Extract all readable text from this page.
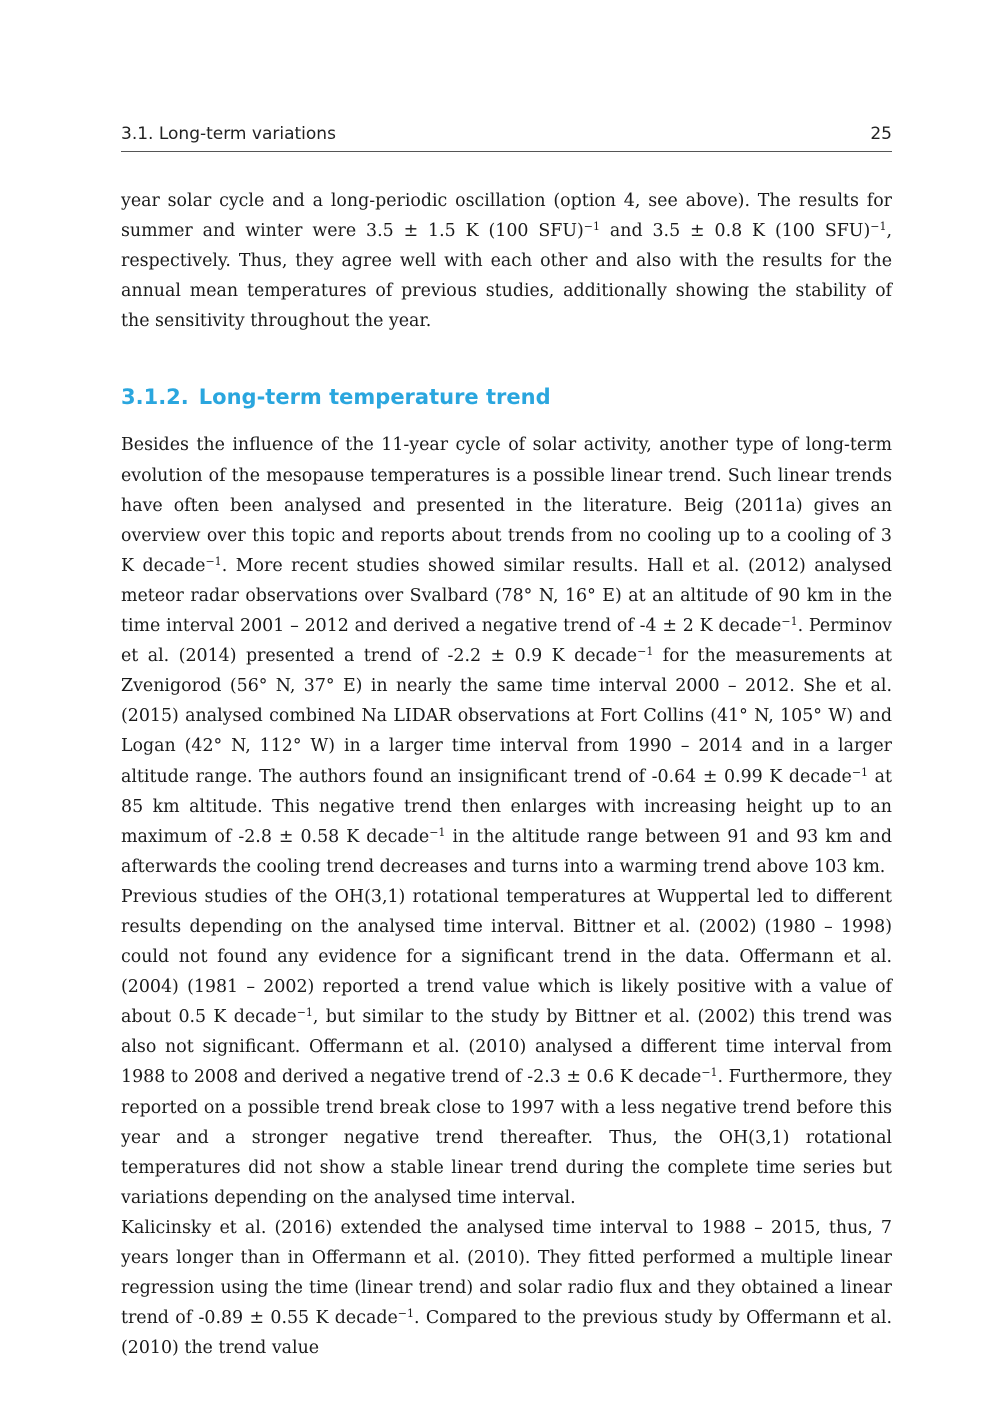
3.1. Long-term variations	25

year solar cycle and a long-periodic oscillation (option 4, see above). The results for summer and winter were 3.5 ± 1.5 K (100 SFU)$^{-1}$ and 3.5 ± 0.8 K (100 SFU)$^{-1}$, respectively. Thus, they agree well with each other and also with the results for the annual mean temperatures of previous studies, additionally showing the stability of the sensitivity throughout the year.

3.1.2. Long-term temperature trend

Besides the influence of the 11-year cycle of solar activity, another type of long-term evolution of the mesopause temperatures is a possible linear trend. Such linear trends have often been analysed and presented in the literature. Beig (2011a) gives an overview over this topic and reports about trends from no cooling up to a cooling of 3 K decade$^{-1}$. More recent studies showed similar results. Hall et al. (2012) analysed meteor radar observations over Svalbard (78° N, 16° E) at an altitude of 90 km in the time interval 2001 – 2012 and derived a negative trend of -4 ± 2 K decade$^{-1}$. Perminov et al. (2014) presented a trend of -2.2 ± 0.9 K decade$^{-1}$ for the measurements at Zvenigorod (56° N, 37° E) in nearly the same time interval 2000 – 2012. She et al. (2015) analysed combined Na LIDAR observations at Fort Collins (41° N, 105° W) and Logan (42° N, 112° W) in a larger time interval from 1990 – 2014 and in a larger altitude range. The authors found an insignificant trend of -0.64 ± 0.99 K decade$^{-1}$ at 85 km altitude. This negative trend then enlarges with increasing height up to an maximum of -2.8 ± 0.58 K decade$^{-1}$ in the altitude range between 91 and 93 km and afterwards the cooling trend decreases and turns into a warming trend above 103 km.

Previous studies of the OH(3,1) rotational temperatures at Wuppertal led to different results depending on the analysed time interval. Bittner et al. (2002) (1980 – 1998) could not found any evidence for a significant trend in the data. Offermann et al. (2004) (1981 – 2002) reported a trend value which is likely positive with a value of about 0.5 K decade$^{-1}$, but similar to the study by Bittner et al. (2002) this trend was also not significant. Offermann et al. (2010) analysed a different time interval from 1988 to 2008 and derived a negative trend of -2.3 ± 0.6 K decade$^{-1}$. Furthermore, they reported on a possible trend break close to 1997 with a less negative trend before this year and a stronger negative trend thereafter. Thus, the OH(3,1) rotational temperatures did not show a stable linear trend during the complete time series but variations depending on the analysed time interval.

Kalicinsky et al. (2016) extended the analysed time interval to 1988 – 2015, thus, 7 years longer than in Offermann et al. (2010). They fitted performed a multiple linear regression using the time (linear trend) and solar radio flux and they obtained a linear trend of -0.89 ± 0.55 K decade$^{-1}$. Compared to the previous study by Offermann et al. (2010) the trend value
